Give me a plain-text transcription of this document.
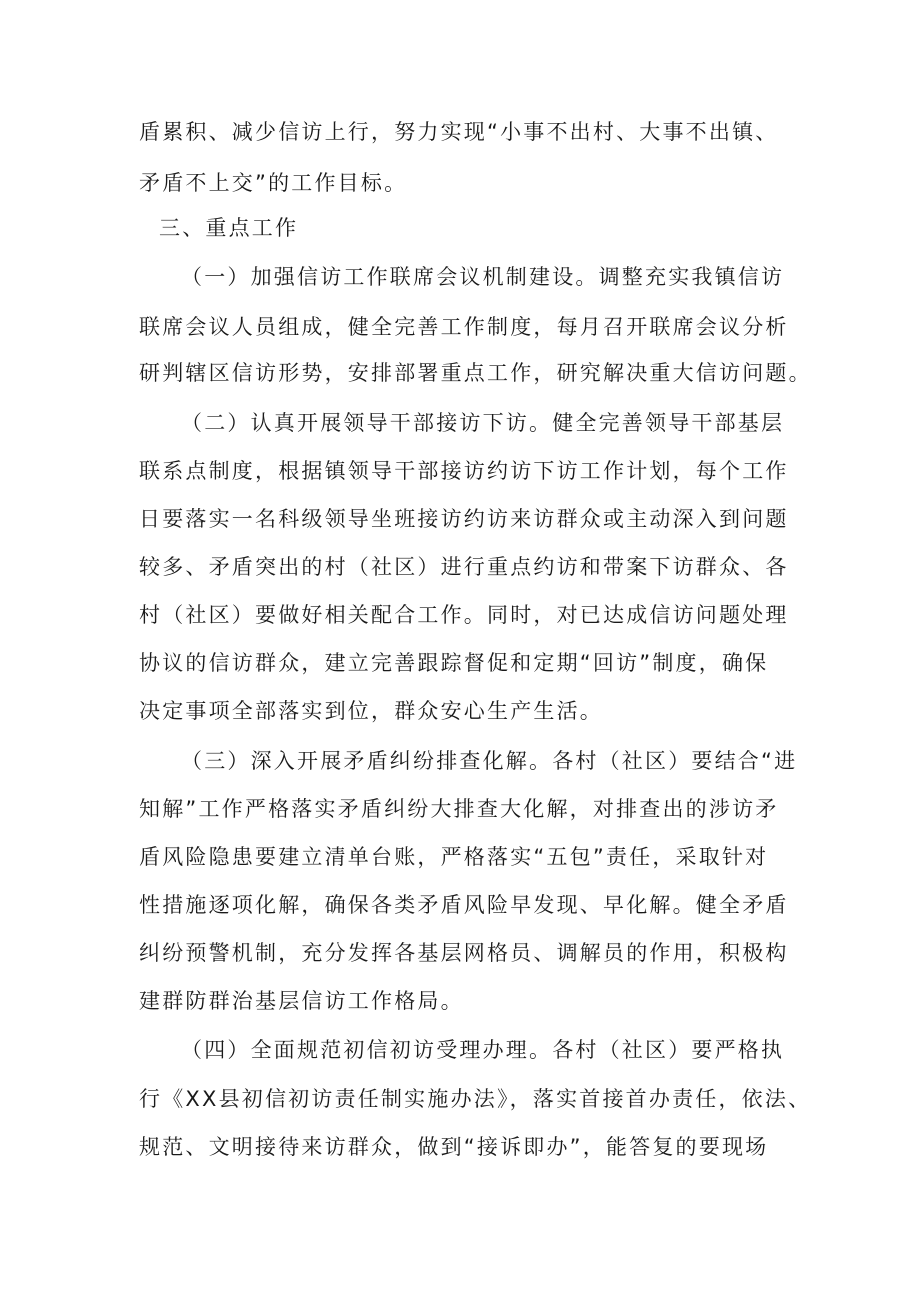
盾累积、减少信访上行，努力实现“小事不出村、大事不出镇、
矛盾不上交”的工作目标。
三、重点工作
（一）加强信访工作联席会议机制建设。调整充实我镇信访
联席会议人员组成，健全完善工作制度，每月召开联席会议分析
研判辖区信访形势，安排部署重点工作，研究解决重大信访问题。
（二）认真开展领导干部接访下访。健全完善领导干部基层
联系点制度，根据镇领导干部接访约访下访工作计划，每个工作
日要落实一名科级领导坐班接访约访来访群众或主动深入到问题
较多、矛盾突出的村（社区）进行重点约访和带案下访群众、各
村（社区）要做好相关配合工作。同时，对已达成信访问题处理
协议的信访群众，建立完善跟踪督促和定期“回访”制度，确保
决定事项全部落实到位，群众安心生产生活。
（三）深入开展矛盾纠纷排查化解。各村（社区）要结合“进
知解”工作严格落实矛盾纠纷大排查大化解，对排查出的涉访矛
盾风险隐患要建立清单台账，严格落实“五包”责任，采取针对
性措施逐项化解，确保各类矛盾风险早发现、早化解。健全矛盾
纠纷预警机制，充分发挥各基层网格员、调解员的作用，积极构
建群防群治基层信访工作格局。
（四）全面规范初信初访受理办理。各村（社区）要严格执
行《XX县初信初访责任制实施办法》，落实首接首办责任，依法、
规范、文明接待来访群众，做到“接诉即办”，能答复的要现场
